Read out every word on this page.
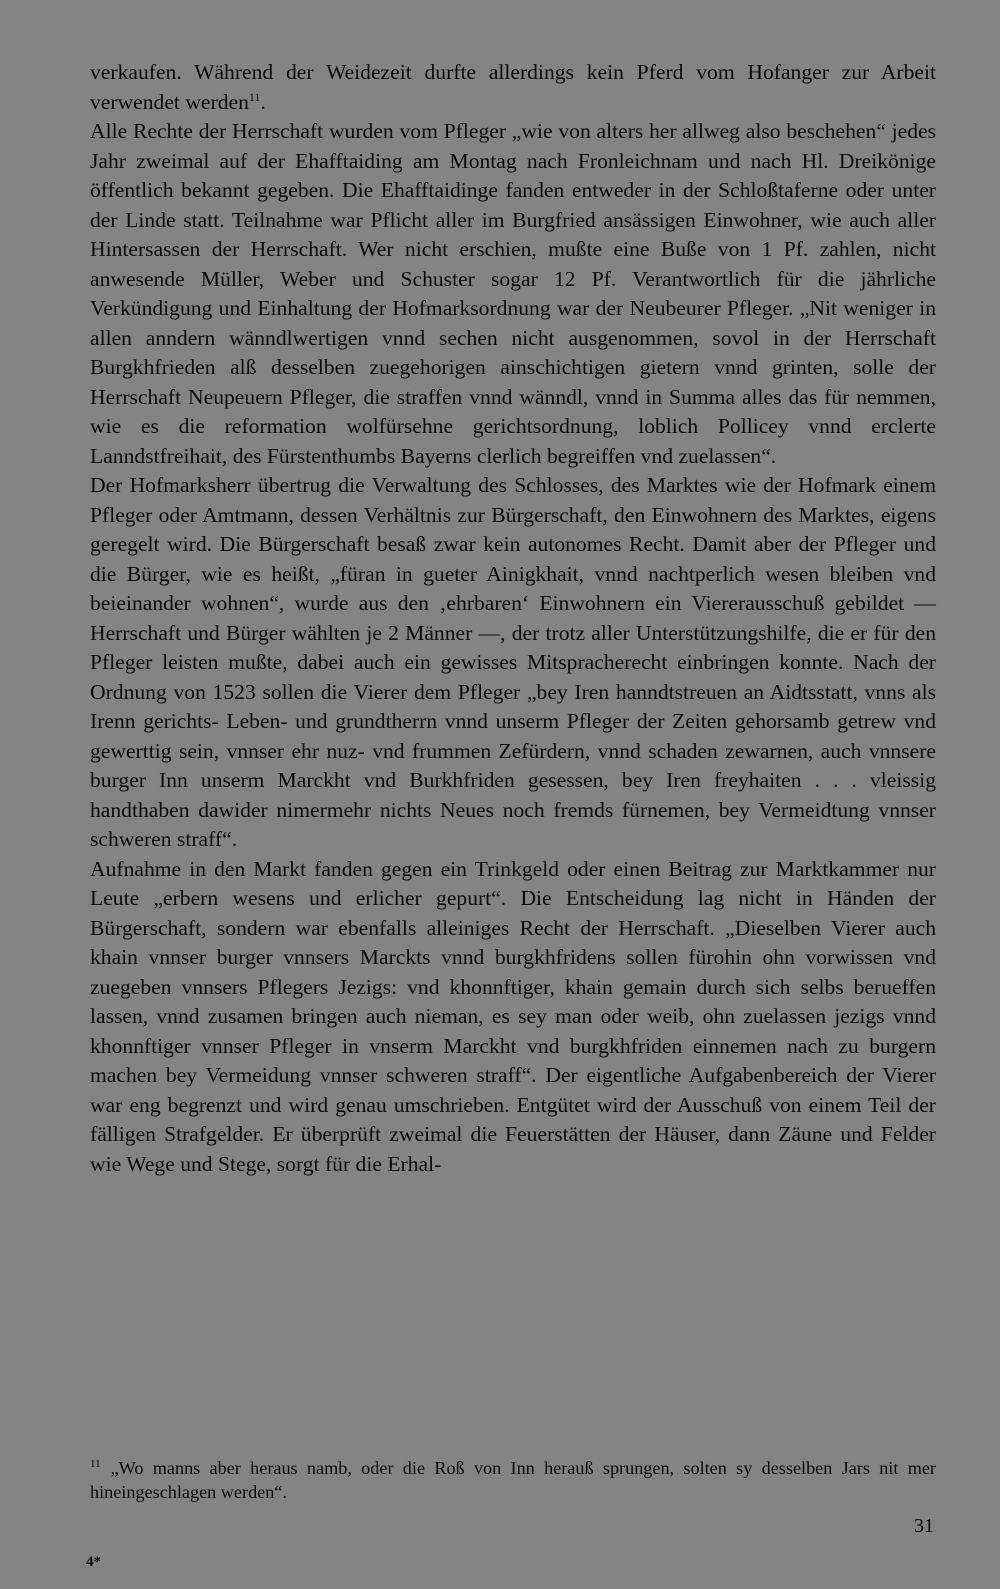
verkaufen. Während der Weidezeit durfte allerdings kein Pferd vom Hofanger zur Arbeit verwendet werden$^{11}$.

Alle Rechte der Herrschaft wurden vom Pfleger „wie von alters her allweg also beschehen“ jedes Jahr zweimal auf der Ehafftaiding am Montag nach Fronleichnam und nach Hl. Dreikönige öffentlich bekannt gegeben. Die Ehafftaidinge fanden entweder in der Schloßtaferne oder unter der Linde statt. Teilnahme war Pflicht aller im Burgfried ansässigen Einwohner, wie auch aller Hintersassen der Herrschaft. Wer nicht erschien, mußte eine Buße von 1 Pf. zahlen, nicht anwesende Müller, Weber und Schuster sogar 12 Pf. Verantwortlich für die jährliche Verkündigung und Einhaltung der Hofmarksordnung war der Neubeurer Pfleger. „Nit weniger in allen anndern wänndlwertigen vnnd sechen nicht ausgenommen, sovol in der Herrschaft Burgkhfrieden alß desselben zuegehorigen ainschichtigen gietern vnnd grinten, solle der Herrschaft Neupeuern Pfleger, die straffen vnnd wänndl, vnnd in Summa alles das für nemmen, wie es die reformation wolfürsehne gerichtsordnung, loblich Pollicey vnnd erclerte Lanndstfreihait, des Fürstenthumbs Bayerns clerlich begreiffen vnd zuelassen“.

Der Hofmarksherr übertrug die Verwaltung des Schlosses, des Marktes wie der Hofmark einem Pfleger oder Amtmann, dessen Verhältnis zur Bürgerschaft, den Einwohnern des Marktes, eigens geregelt wird. Die Bürgerschaft besaß zwar kein autonomes Recht. Damit aber der Pfleger und die Bürger, wie es heißt, „füran in gueter Ainigkhait, vnnd nachtperlich wesen bleiben vnd beieinander wohnen“, wurde aus den ‚ehrbaren‘ Einwohnern ein Viererausschuß gebildet — Herrschaft und Bürger wählten je 2 Männer —, der trotz aller Unterstützungshilfe, die er für den Pfleger leisten mußte, dabei auch ein gewisses Mitspracherecht einbringen konnte. Nach der Ordnung von 1523 sollen die Vierer dem Pfleger „bey Iren hanndtstreuen an Aidtsstatt, vnns als Irenn gerichts- Leben- und grundtherrn vnnd unserm Pfleger der Zeiten gehorsamb getrew vnd gewerttig sein, vnnser ehr nuz- vnd frummen Zefürdern, vnnd schaden zewarnen, auch vnnsere burger Inn unserm Marckht vnd Burkhfriden gesessen, bey Iren freyhaiten . . . vleissig handthaben dawider nimermehr nichts Neues noch fremds fürnemen, bey Vermeidtung vnnser schweren straff“.

Aufnahme in den Markt fanden gegen ein Trinkgeld oder einen Beitrag zur Marktkammer nur Leute „erbern wesens und erlicher gepurt“. Die Entscheidung lag nicht in Händen der Bürgerschaft, sondern war ebenfalls alleiniges Recht der Herrschaft. „Dieselben Vierer auch khain vnnser burger vnnsers Marckts vnnd burgkhfridens sollen fürohin ohn vorwissen vnd zuegeben vnnsers Pflegers Jezigs: vnd khonnftiger, khain gemain durch sich selbs berueffen lassen, vnnd zusamen bringen auch nieman, es sey man oder weib, ohn zuelassen jezigs vnnd khonnftiger vnnser Pfleger in vnserm Marckht vnd burgkhfriden einnemen nach zu burgern machen bey Vermeidung vnnser schweren straff“. Der eigentliche Aufgabenbereich der Vierer war eng begrenzt und wird genau umschrieben. Entgütet wird der Ausschuß von einem Teil der fälligen Strafgelder. Er überprüft zweimal die Feuerstätten der Häuser, dann Zäune und Felder wie Wege und Stege, sorgt für die Erhal-

$^{11}$ „Wo manns aber heraus namb, oder die Roß von Inn herauß sprungen, solten sy desselben Jars nit mer hineingeschlagen werden“.
31
4*
